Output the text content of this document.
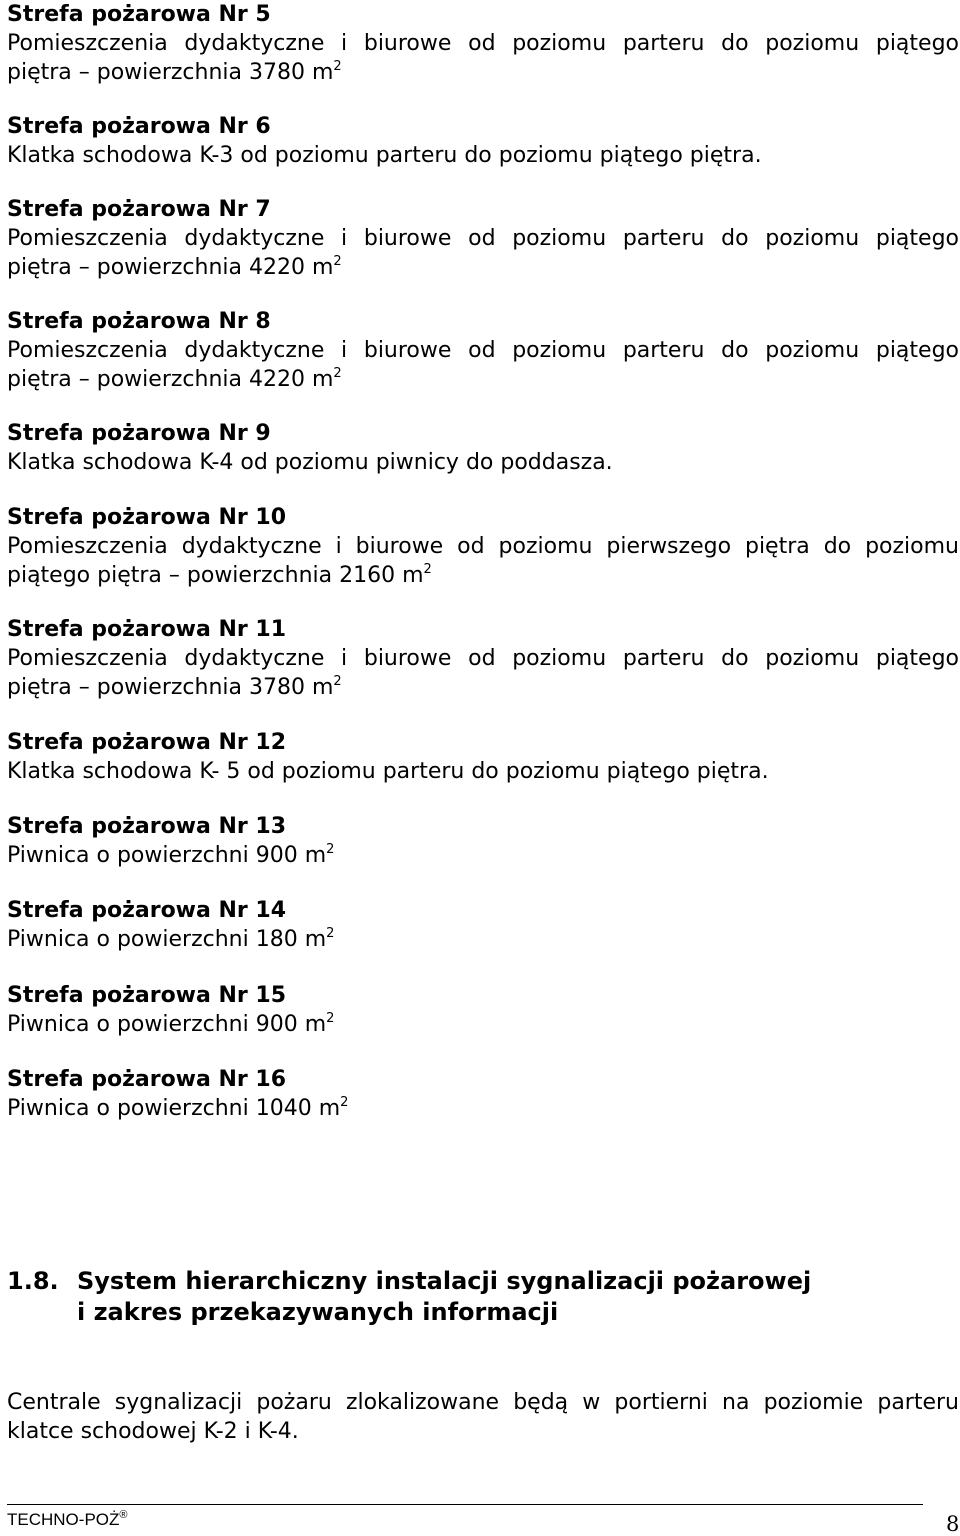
Strefa pożarowa Nr 5
Pomieszczenia dydaktyczne i biurowe od poziomu parteru do poziomu piątego
piętra – powierzchnia 3780 $m^2$
Strefa pożarowa Nr 6
Klatka schodowa K-3 od poziomu parteru do poziomu piątego piętra.
Strefa pożarowa Nr 7
Pomieszczenia dydaktyczne i biurowe od poziomu parteru do poziomu piątego
piętra – powierzchnia 4220 $m^2$
Strefa pożarowa Nr 8
Pomieszczenia dydaktyczne i biurowe od poziomu parteru do poziomu piątego
piętra – powierzchnia 4220 $m^2$
Strefa pożarowa Nr 9
Klatka schodowa K-4 od poziomu piwnicy do poddasza.
Strefa pożarowa Nr 10
Pomieszczenia dydaktyczne i biurowe od poziomu pierwszego piętra do poziomu
piątego piętra – powierzchnia 2160 $m^2$
Strefa pożarowa Nr 11
Pomieszczenia dydaktyczne i biurowe od poziomu parteru do poziomu piątego
piętra – powierzchnia 3780 $m^2$
Strefa pożarowa Nr 12
Klatka schodowa K- 5 od poziomu parteru do poziomu piątego piętra.
Strefa pożarowa Nr 13
Piwnica o powierzchni 900 $m^2$
Strefa pożarowa Nr 14
Piwnica o powierzchni 180 $m^2$
Strefa pożarowa Nr 15
Piwnica o powierzchni 900 $m^2$
Strefa pożarowa Nr 16
Piwnica o powierzchni 1040 $m^2$
1.8. System hierarchiczny instalacji sygnalizacji pożarowej
i zakres przekazywanych informacji
Centrale sygnalizacji pożaru zlokalizowane będą w portierni na poziomie parteru
klatce schodowej K-2 i K-4.
TECHNO-POŻ®	8
